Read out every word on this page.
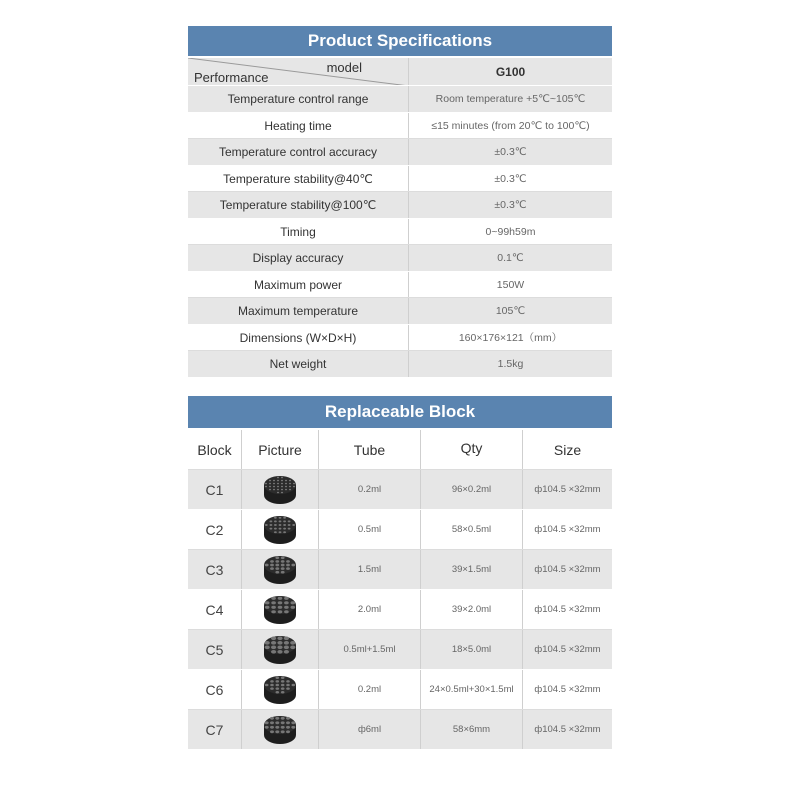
Product Specifications
model
Performance	G100
Temperature control range	Room temperature +5℃~105℃
Heating time	≤15 minutes (from 20℃ to 100℃)
Temperature control accuracy	±0.3℃
Temperature stability@40℃	±0.3℃
Temperature stability@100℃	±0.3℃
Timing	0~99h59m
Display accuracy	0.1℃
Maximum power	150W
Maximum temperature	105℃
Dimensions (W×D×H)	160×176×121（mm）
Net weight	1.5kg
Replaceable Block
Block	Picture	Tube	Qty	Size
C1	0.2ml	96×0.2ml	ф104.5 ×32mm
C2	0.5ml	58×0.5ml	ф104.5 ×32mm
C3	1.5ml	39×1.5ml	ф104.5 ×32mm
C4	2.0ml	39×2.0ml	ф104.5 ×32mm
C5	0.5ml+1.5ml	18×5.0ml	ф104.5 ×32mm
C6	0.2ml	24×0.5ml+30×1.5ml	ф104.5 ×32mm
C7	ф6ml	58×6mm	ф104.5 ×32mm
